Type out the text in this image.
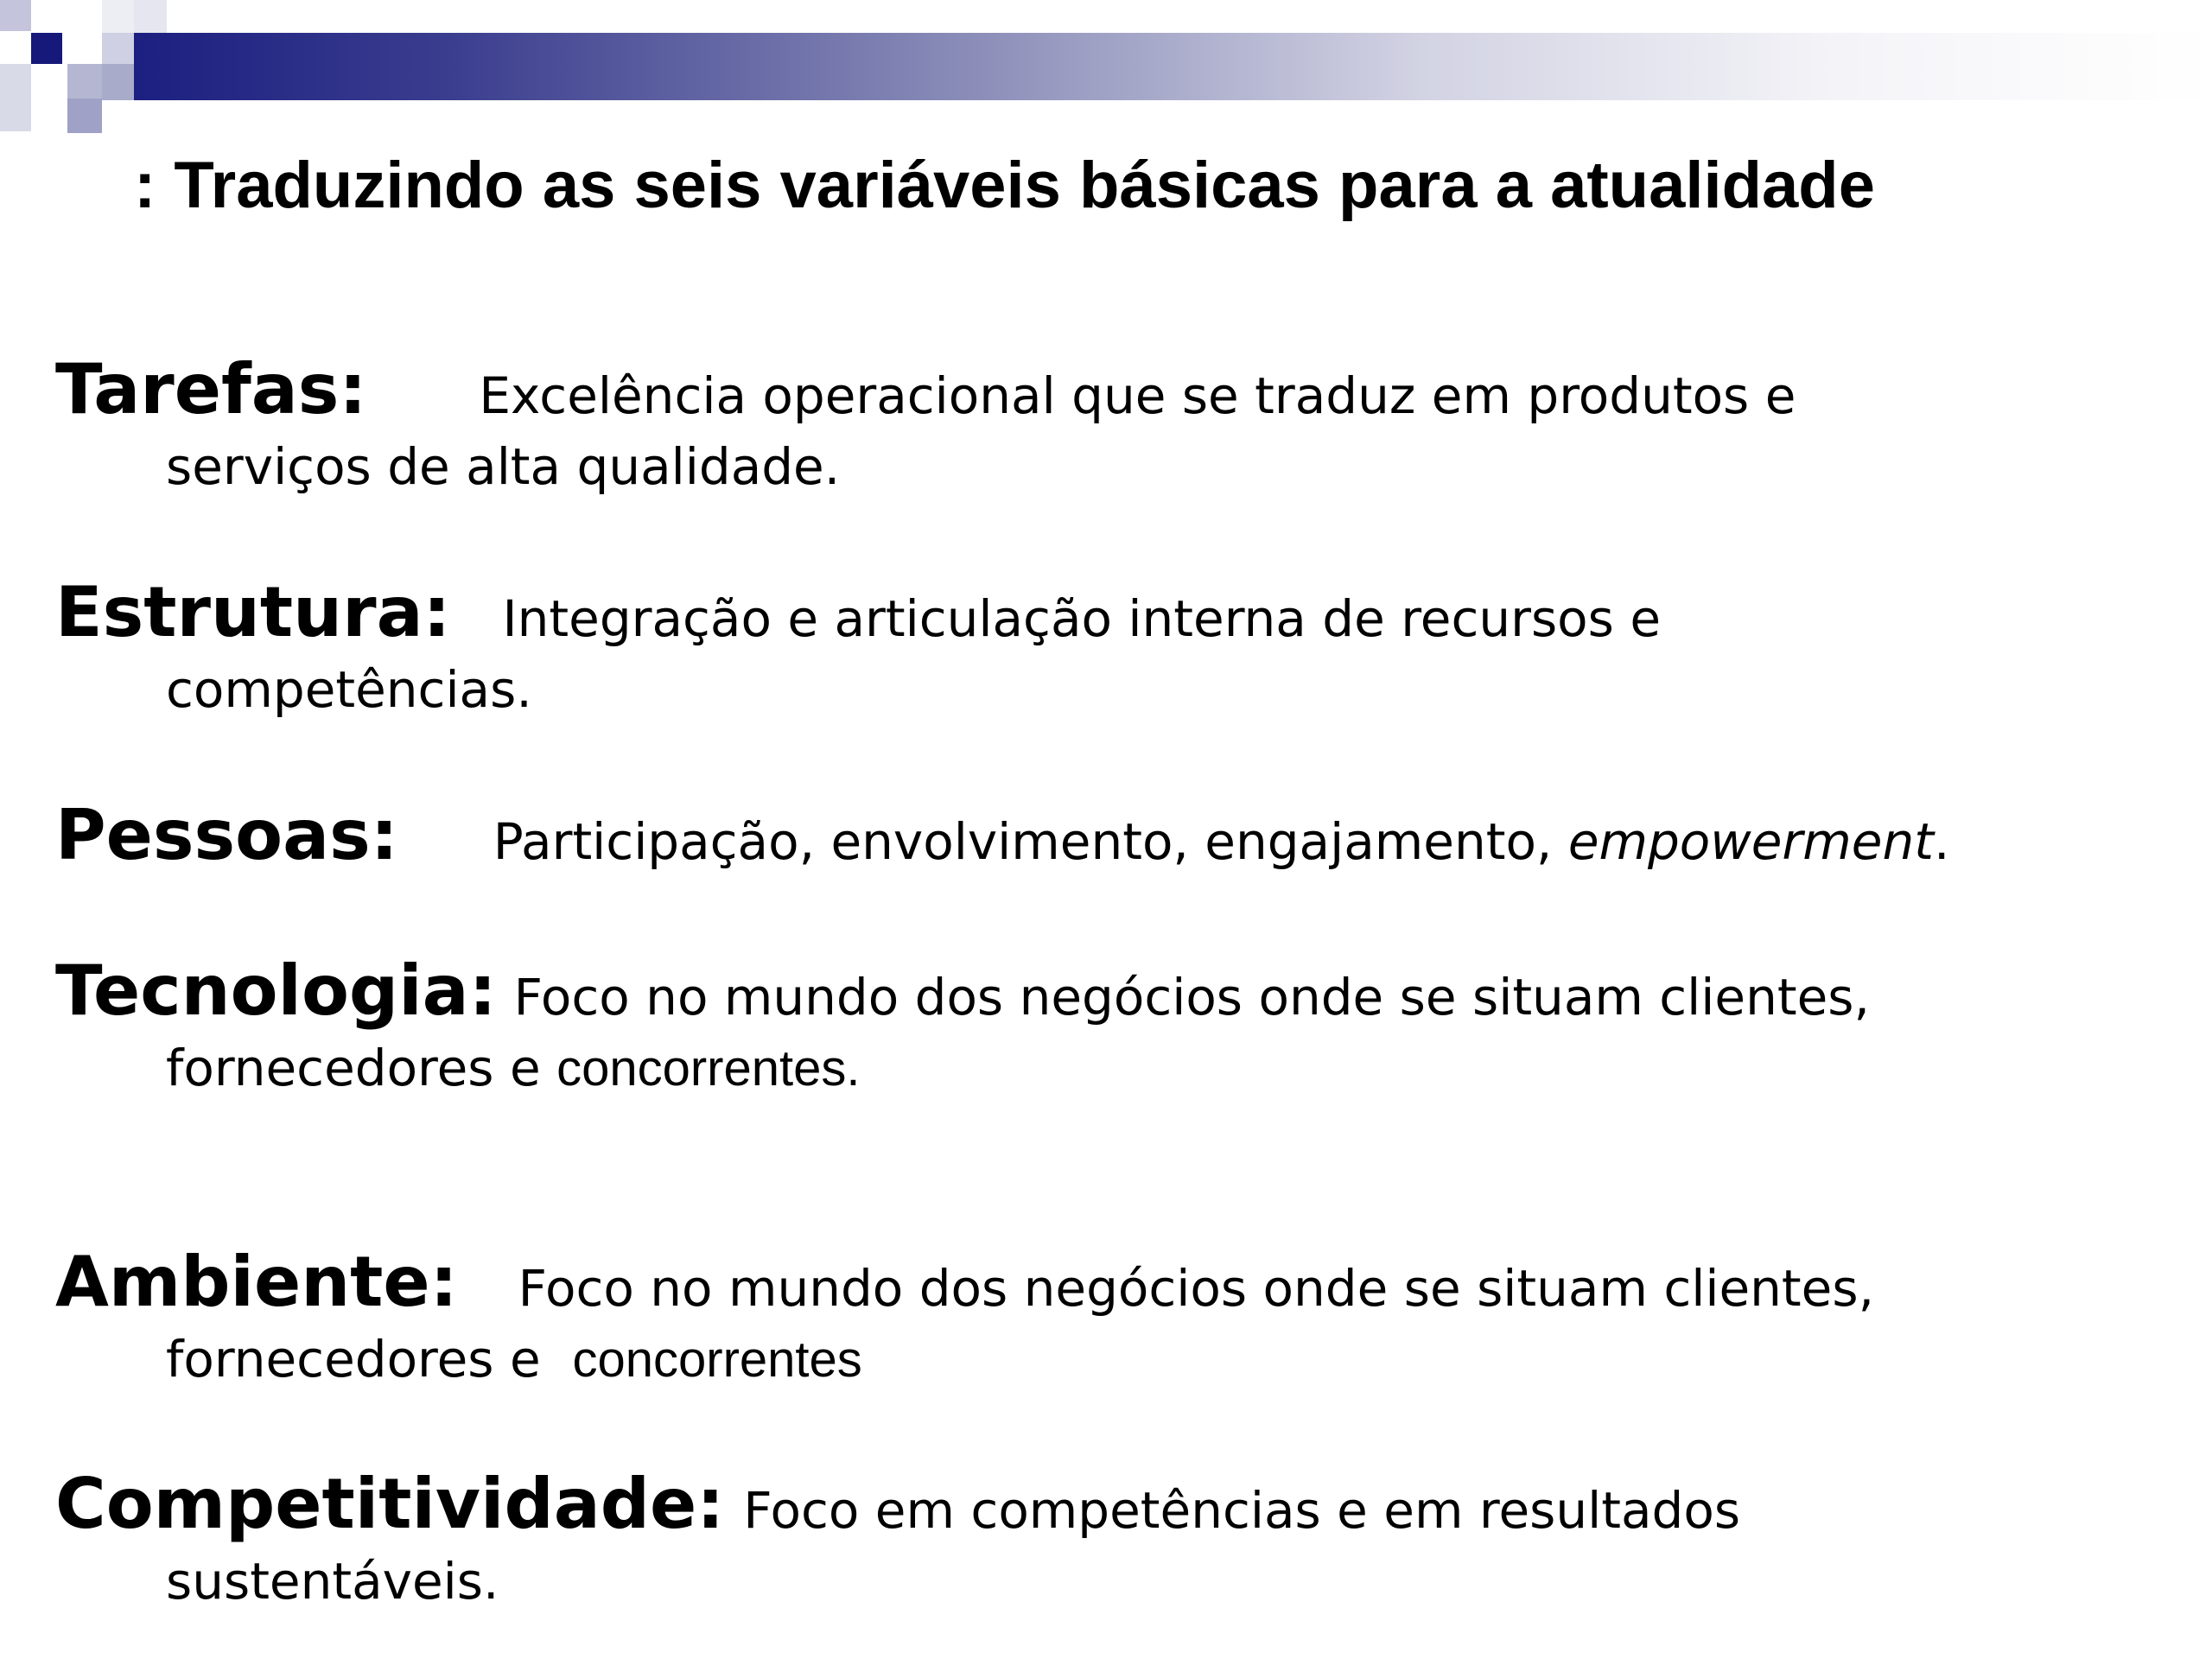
: Traduzindo as seis variáveis básicas para a atualidade
Tarefas: Excelência operacional que se traduz em produtos e
serviços de alta qualidade.
Estrutura: Integração e articulação interna de recursos e
competências.
Pessoas: Participação, envolvimento, engajamento, empowerment.
Tecnologia: Foco no mundo dos negócios onde se situam clientes,
fornecedores e concorrentes.
Ambiente: Foco no mundo dos negócios onde se situam clientes,
fornecedores e concorrentes
Competitividade: Foco em competências e em resultados
sustentáveis.
